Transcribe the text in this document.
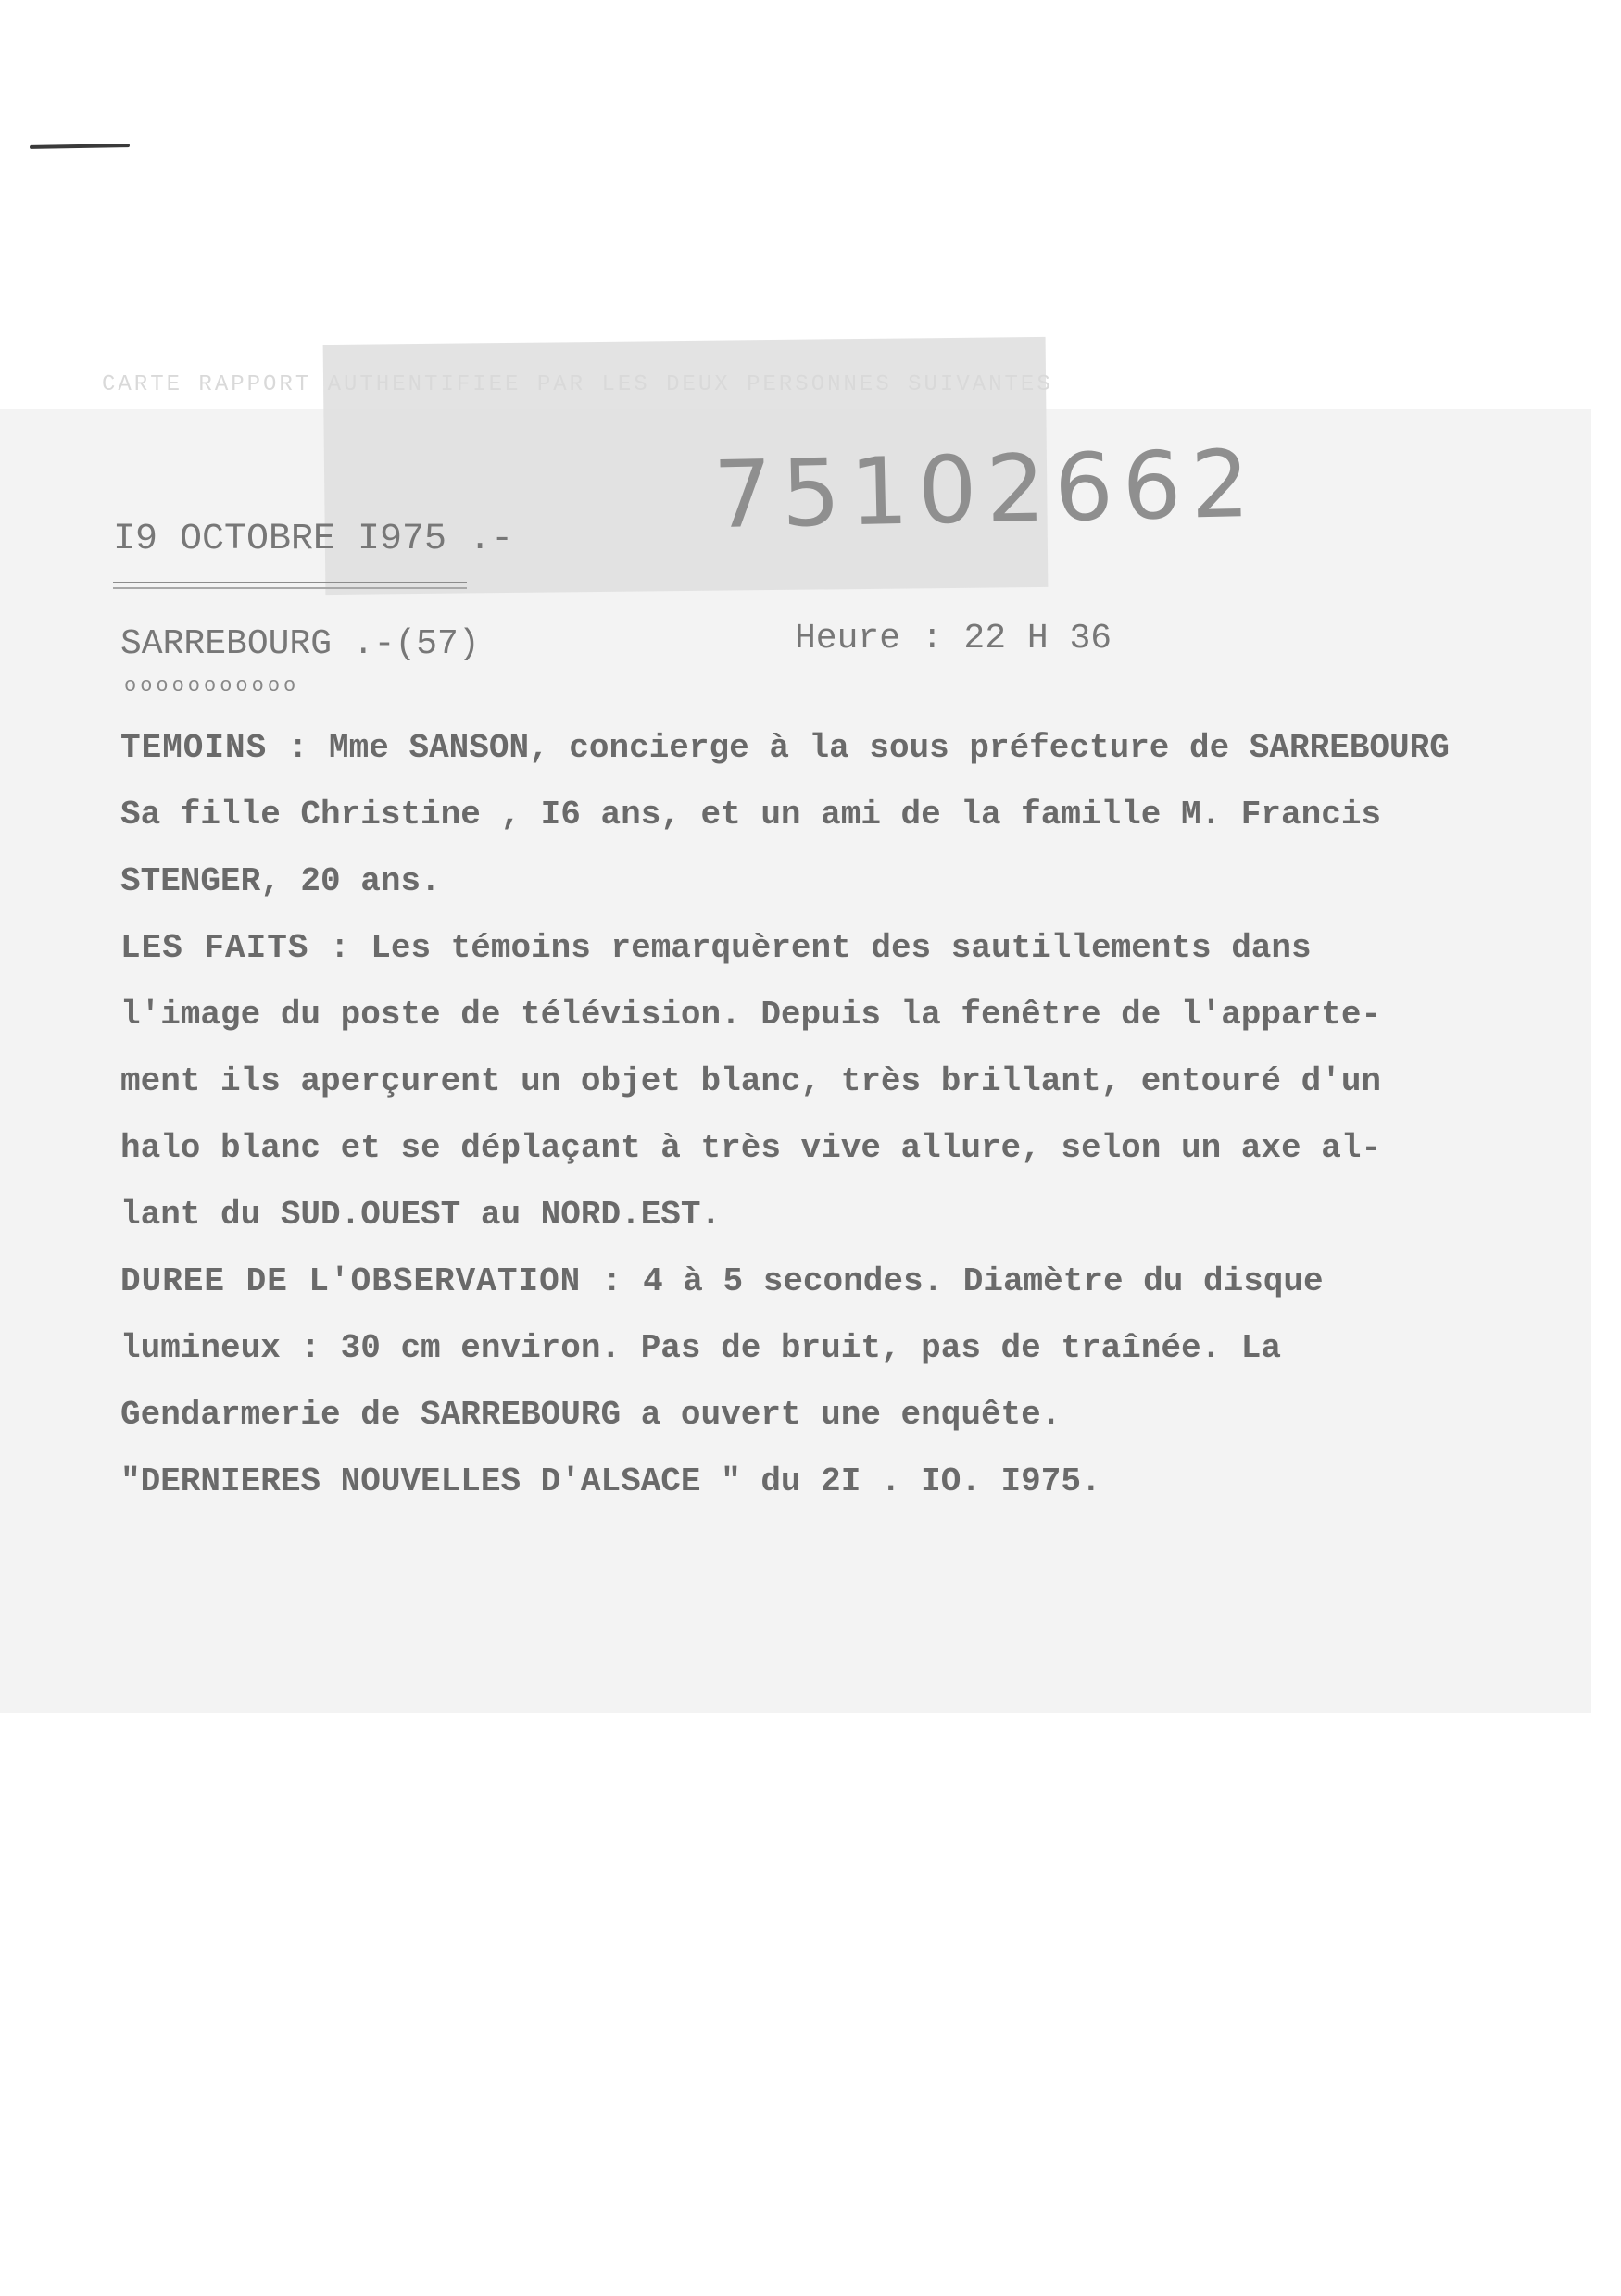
CARTE RAPPORT AUTHENTIFIEE PAR LES DEUX PERSONNES SUIVANTES
75102662
I9 OCTOBRE I975 .-
SARREBOURG .-(57)
ooooooooooo
Heure : 22 H 36
TEMOINS : Mme SANSON, concierge à la sous préfecture de SARREBOURG
Sa fille Christine , I6 ans, et un ami de la famille M. Francis
STENGER, 20 ans.
LES FAITS : Les témoins remarquèrent des sautillements dans
l'image du poste de télévision. Depuis la fenêtre de l'apparte-
ment ils aperçurent un objet blanc, très brillant, entouré d'un
halo blanc et se déplaçant à très vive allure, selon un axe al-
lant du SUD.OUEST au NORD.EST.
DUREE DE L'OBSERVATION : 4 à 5 secondes. Diamètre du disque
lumineux : 30 cm environ. Pas de bruit, pas de traînée. La
Gendarmerie de SARREBOURG a ouvert une enquête.
"DERNIERES NOUVELLES D'ALSACE " du 2I . IO. I975.
